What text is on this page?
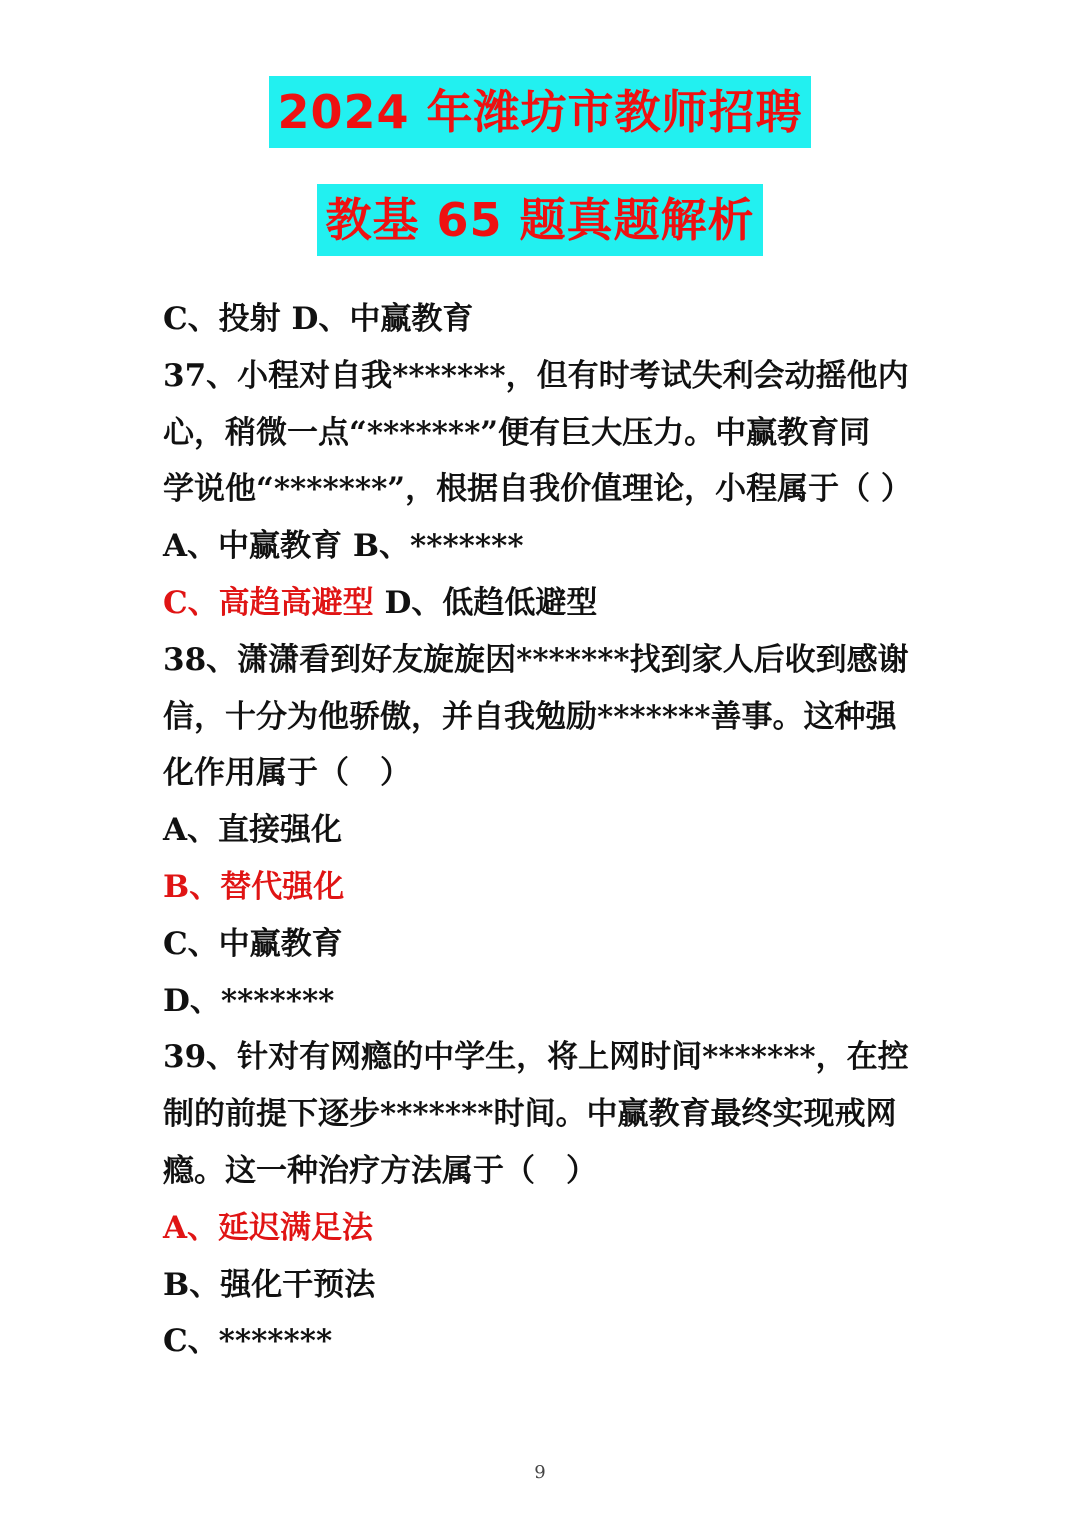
2024 年潍坊市教师招聘
教基 65 题真题解析
C、投射 D、中赢教育
37、小程对自我*******，但有时考试失利会动摇他内
心，稍微一点“*******”便有巨大压力。中赢教育同
学说他“*******”，根据自我价值理论，小程属于（ ）
A、中赢教育 B、*******
C、高趋高避型 D、低趋低避型
38、潇潇看到好友旋旋因*******找到家人后收到感谢
信，十分为他骄傲，并自我勉励*******善事。这种强
化作用属于（　）
A、直接强化
B、替代强化
C、中赢教育
D、*******
39、针对有网瘾的中学生，将上网时间*******，在控
制的前提下逐步*******时间。中赢教育最终实现戒网
瘾。这一种治疗方法属于（　）
A、延迟满足法
B、强化干预法
C、*******
9
